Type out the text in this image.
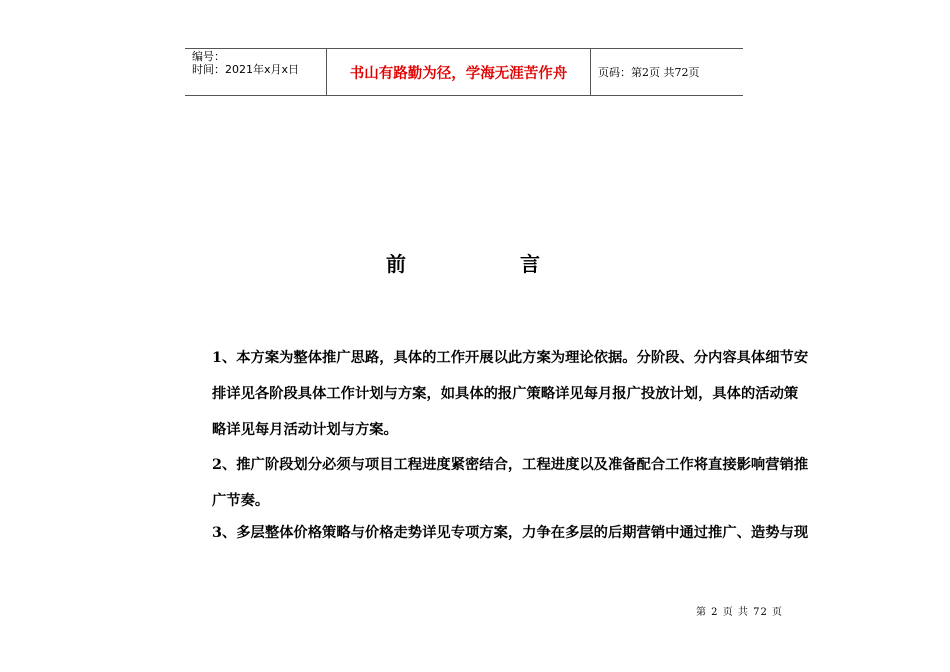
编号：
时间：2021年x月x日	书山有路勤为径，学海无涯苦作舟	页码：第2页 共72页
前	言
1、本方案为整体推广思路，具体的工作开展以此方案为理论依据。分阶段、分内容具体细节安
排详见各阶段具体工作计划与方案，如具体的报广策略详见每月报广投放计划，具体的活动策
略详见每月活动计划与方案。
2、推广阶段划分必须与项目工程进度紧密结合，工程进度以及准备配合工作将直接影响营销推
广节奏。
3、多层整体价格策略与价格走势详见专项方案，力争在多层的后期营销中通过推广、造势与现
第 2 页 共 72 页
